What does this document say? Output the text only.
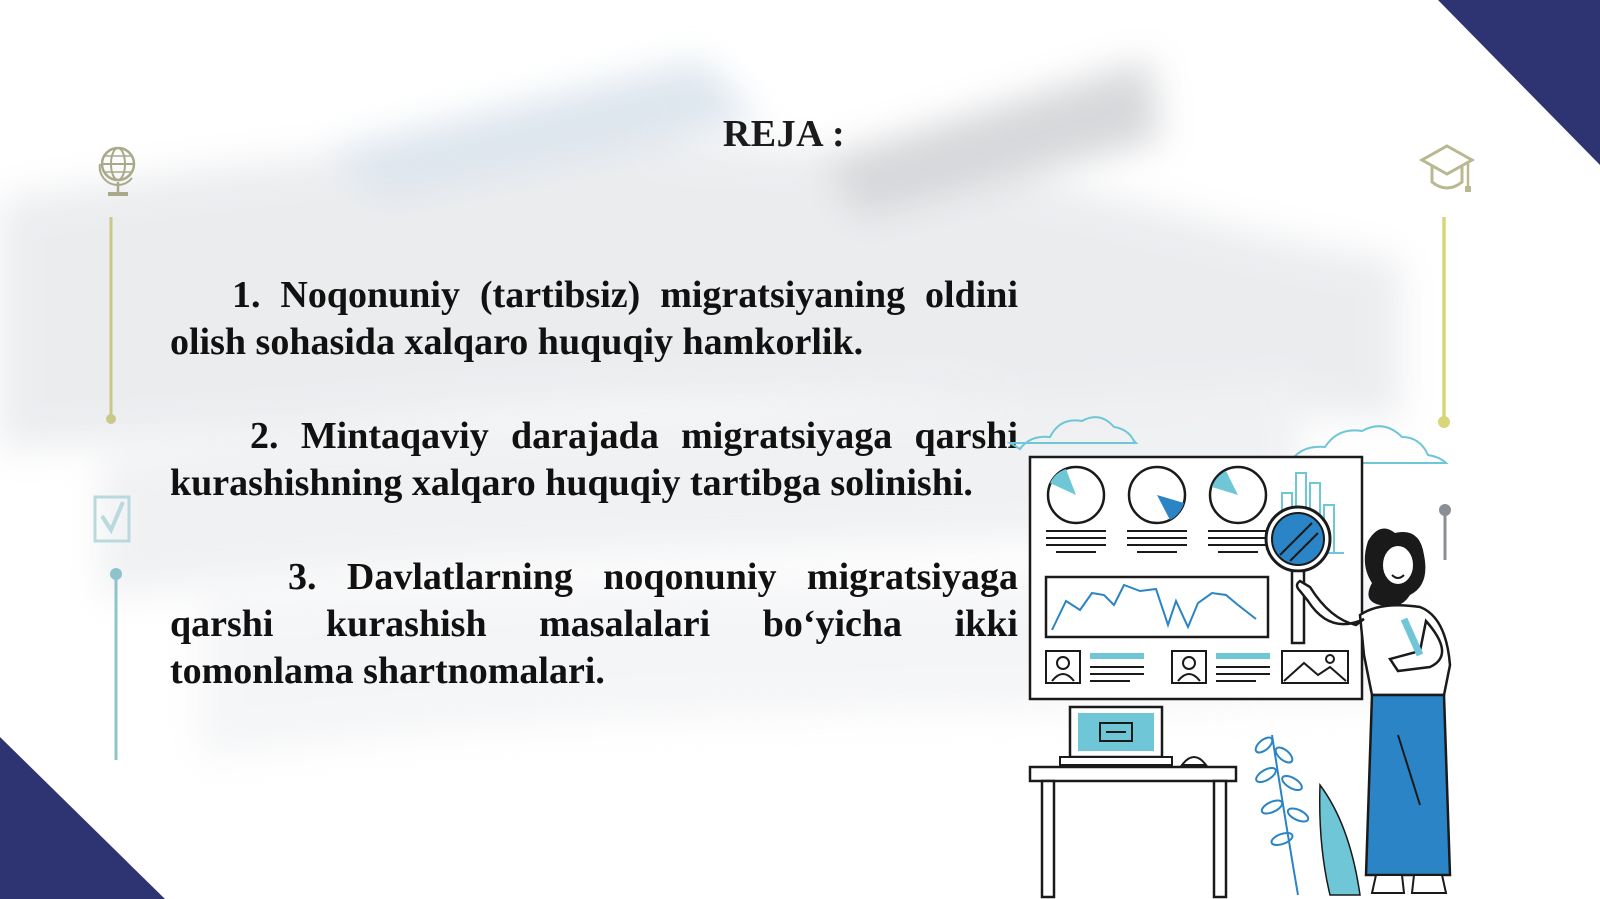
REJA :
1. Noqonuniy (tartibsiz) migratsiyaning oldini olish sohasida xalqaro huquqiy hamkorlik.
2. Mintaqaviy darajada migratsiyaga qarshi kurashishning xalqaro huquqiy tartibga solinishi.
3. Davlatlarning noqonuniy migratsiyaga qarshi kurashish masalalari bo‘yicha ikki tomonlama shartnomalari.
